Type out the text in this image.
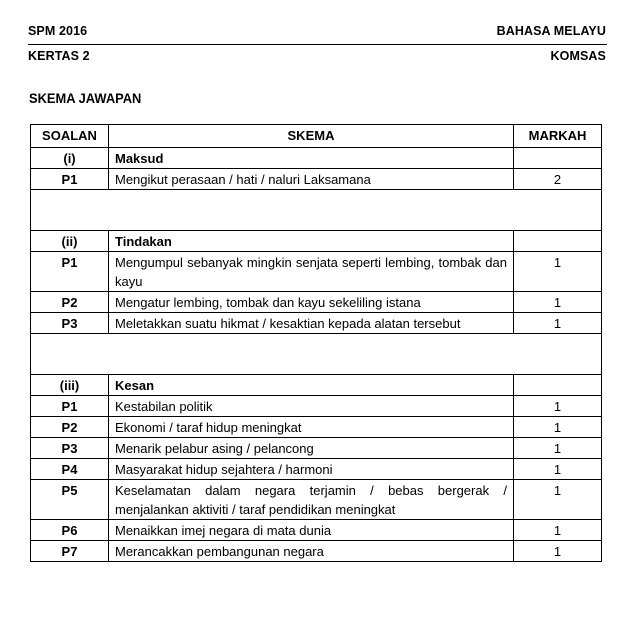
SPM 2016	BAHASA MELAYU
KERTAS 2	KOMSAS
SKEMA JAWAPAN
SOALAN	SKEMA	MARKAH
(i)	Maksud	
P1	Mengikut perasaan / hati / naluri Laksamana	2

(ii)	Tindakan	
P1	Mengumpul sebanyak mingkin senjata seperti lembing, tombak dan kayu	1
P2	Mengatur lembing, tombak dan kayu sekeliling istana	1
P3	Meletakkan suatu hikmat / kesaktian kepada alatan tersebut	1

(iii)	Kesan	
P1	Kestabilan politik	1
P2	Ekonomi / taraf hidup meningkat	1
P3	Menarik pelabur asing / pelancong	1
P4	Masyarakat hidup sejahtera / harmoni	1
P5	Keselamatan dalam negara terjamin / bebas bergerak / menjalankan aktiviti / taraf pendidikan meningkat	1
P6	Menaikkan imej negara di mata dunia	1
P7	Merancakkan pembangunan negara	1
